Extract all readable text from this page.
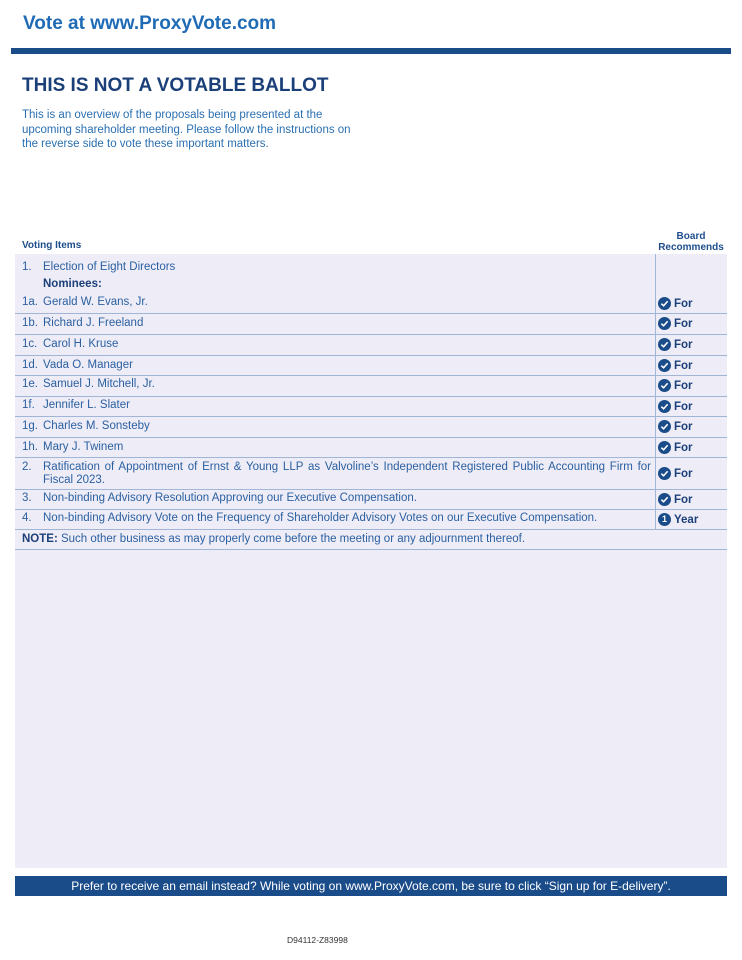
Vote at www.ProxyVote.com
THIS IS NOT A VOTABLE BALLOT
This is an overview of the proposals being presented at the upcoming shareholder meeting. Please follow the instructions on the reverse side to vote these important matters.
Board
Recommends
Voting Items
1. Election of Eight Directors
Nominees:
1a. Gerald W. Evans, Jr.	For
1b. Richard J. Freeland	For
1c. Carol H. Kruse	For
1d. Vada O. Manager	For
1e. Samuel J. Mitchell, Jr.	For
1f. Jennifer L. Slater	For
1g. Charles M. Sonsteby	For
1h. Mary J. Twinem	For
2. Ratification of Appointment of Ernst & Young LLP as Valvoline’s Independent Registered Public Accounting Firm for Fiscal 2023.	For
3. Non-binding Advisory Resolution Approving our Executive Compensation.	For
4. Non-binding Advisory Vote on the Frequency of Shareholder Advisory Votes on our Executive Compensation.	1 Year
NOTE: Such other business as may properly come before the meeting or any adjournment thereof.
Prefer to receive an email instead? While voting on www.ProxyVote.com, be sure to click “Sign up for E-delivery”.
D94112-Z83998
